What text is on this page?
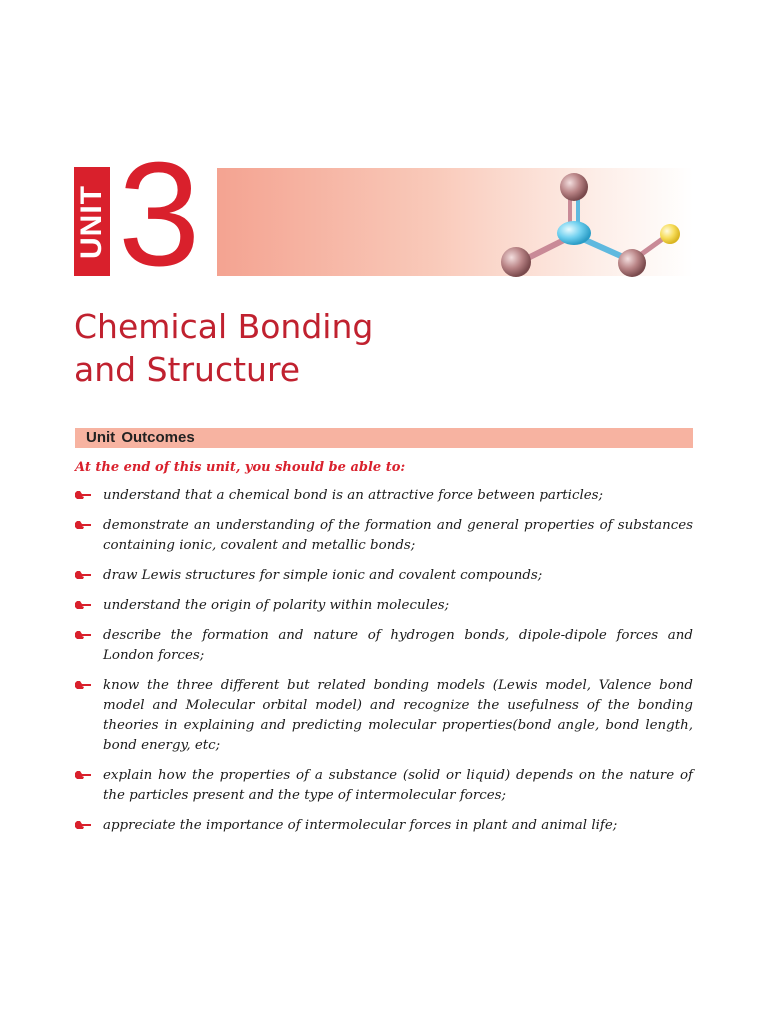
UNIT 3
Chemical Bonding
and Structure
Unit Outcomes

At the end of this unit, you should be able to:

understand that a chemical bond is an attractive force between particles;
demonstrate an understanding of the formation and general properties of substances containing ionic, covalent and metallic bonds;
draw Lewis structures for simple ionic and covalent compounds;
understand the origin of polarity within molecules;
describe the formation and nature of hydrogen bonds, dipole-dipole forces and London forces;
know the three different but related bonding models (Lewis model, Valence bond model and Molecular orbital model) and recognize the usefulness of the bonding theories in explaining and predicting molecular properties(bond angle, bond length, bond energy, etc;
explain how the properties of a substance (solid or liquid) depends on the nature of the particles present and the type of intermolecular forces;
appreciate the importance of intermolecular forces in plant and animal life;
